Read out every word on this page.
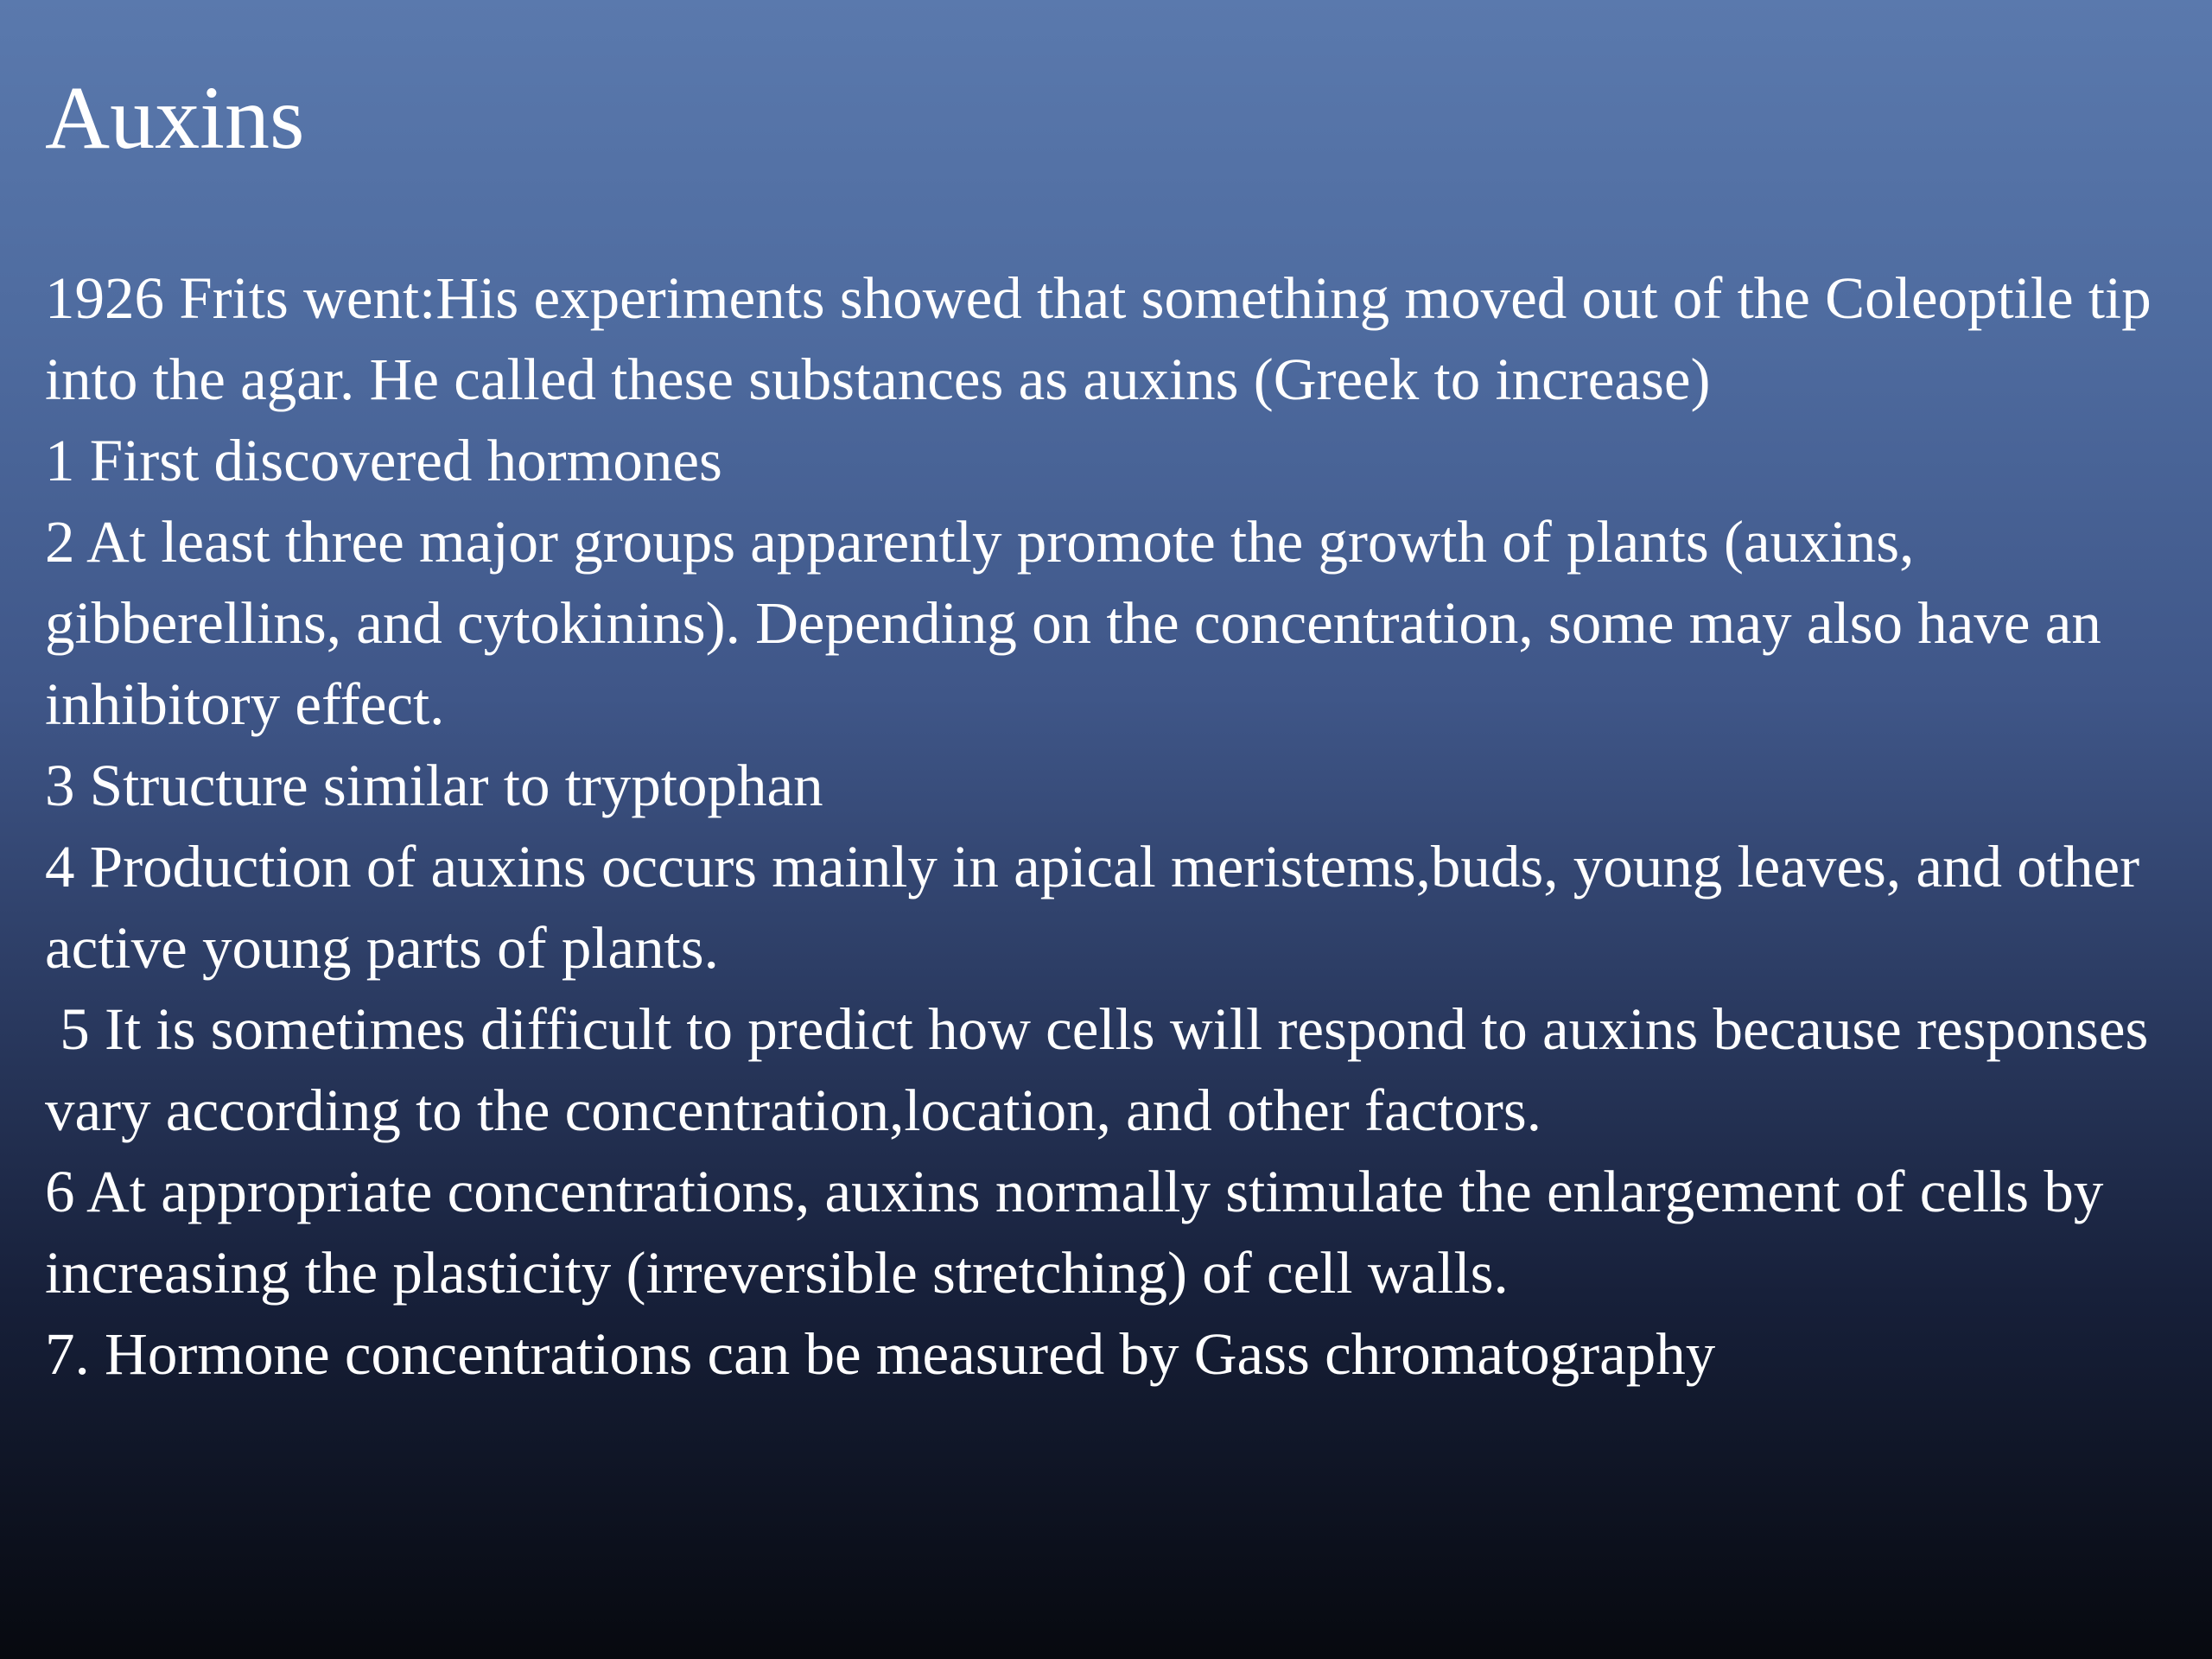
Auxins

1926 Frits went:His experiments showed that something moved out of the Coleoptile tip into the agar. He called these substances as auxins (Greek to increase)

1 First discovered hormones

2 At least three major groups apparently promote the growth of plants (auxins, gibberellins, and cytokinins). Depending on the concentration, some may also have an inhibitory effect.

3 Structure similar to tryptophan

4 Production of auxins occurs mainly in apical meristems,buds, young leaves, and other active young parts of plants.

5 It is sometimes difficult to predict how cells will respond to auxins because responses vary according to the concentration,location, and other factors.

6 At appropriate concentrations, auxins normally stimulate the enlargement of cells by increasing the plasticity (irreversible stretching) of cell walls.

7. Hormone concentrations can be measured by Gass chromatography
